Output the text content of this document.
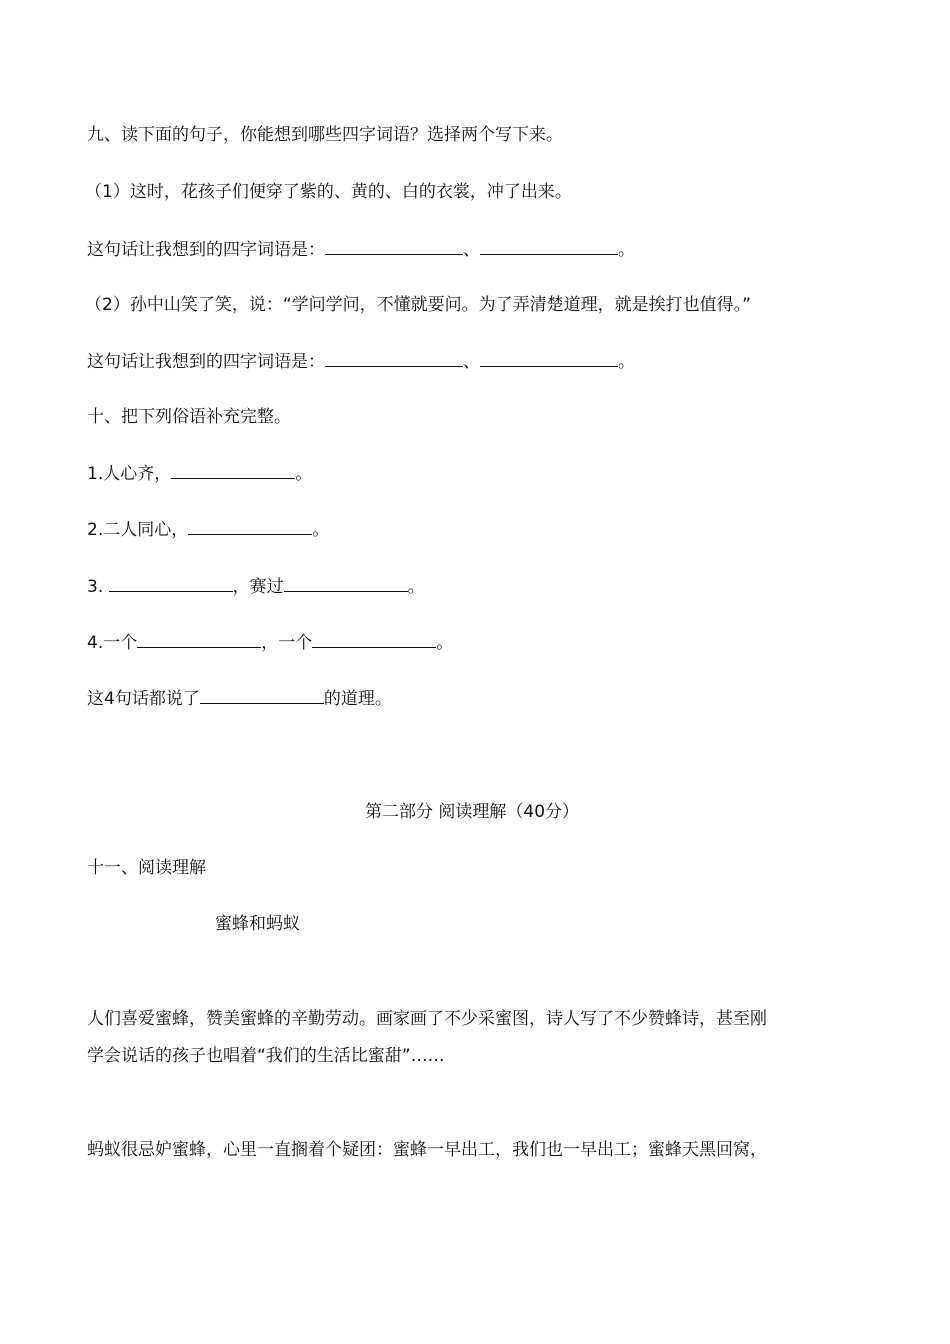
九、读下面的句子，你能想到哪些四字词语？选择两个写下来。
（1）这时，花孩子们便穿了紫的、黄的、白的衣裳，冲了出来。
这句话让我想到的四字词语是：	、	。
（2）孙中山笑了笑，说：“学问学问，不懂就要问。为了弄清楚道理，就是挨打也值得。”
这句话让我想到的四字词语是：	、	。
十、把下列俗语补充完整。
1.人心齐，	。
2.二人同心，	。
3.	，赛过	。
4.一个	，一个	。
这4句话都说了	的道理。
第二部分 阅读理解（40分）
十一、阅读理解
蜜蜂和蚂蚁
人们喜爱蜜蜂，赞美蜜蜂的辛勤劳动。画家画了不少采蜜图，诗人写了不少赞蜂诗，甚至刚
学会说话的孩子也唱着“我们的生活比蜜甜”……
蚂蚁很忌妒蜜蜂，心里一直搁着个疑团：蜜蜂一早出工，我们也一早出工；蜜蜂天黑回窝，
